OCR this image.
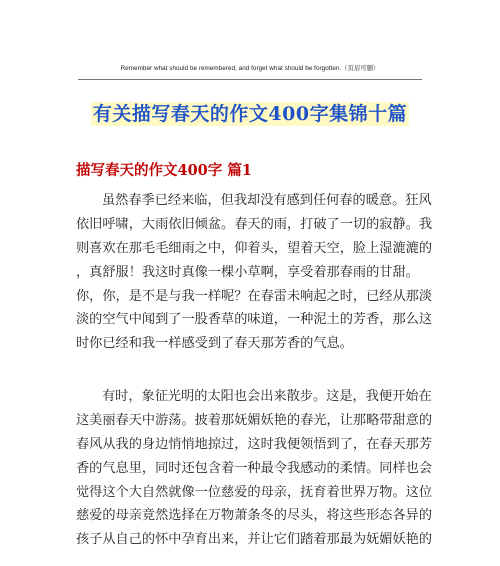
Remember what should be remembered, and forget what should be forgotten.（页眉可删）
有关描写春天的作文400字集锦十篇
描写春天的作文400字 篇1
虽然春季已经来临，但我却没有感到任何春的暖意。狂风
依旧呼啸，大雨依旧倾盆。春天的雨，打破了一切的寂静。我
则喜欢在那毛毛细雨之中，仰着头，望着天空，脸上湿漉漉的
，真舒服！我这时真像一棵小草啊，享受着那春雨的甘甜。
你，你，是不是与我一样呢？在春雷未响起之时，已经从那淡
淡的空气中闻到了一股香草的味道，一种泥土的芳香，那么这
时你已经和我一样感受到了春天那芳香的气息。
有时，象征光明的太阳也会出来散步。这是，我便开始在
这美丽春天中游荡。披着那妩媚妖艳的春光，让那略带甜意的
春风从我的身边悄悄地掠过，这时我便领悟到了，在春天那芳
香的气息里，同时还包含着一种最令我感动的柔情。同样也会
觉得这个大自然就像一位慈爱的母亲，抚育着世界万物。这位
慈爱的母亲竟然选择在万物萧条冬的尽头，将这些形态各异的
孩子从自己的怀中孕育出来，并让它们踏着那最为妩媚妖艳的
